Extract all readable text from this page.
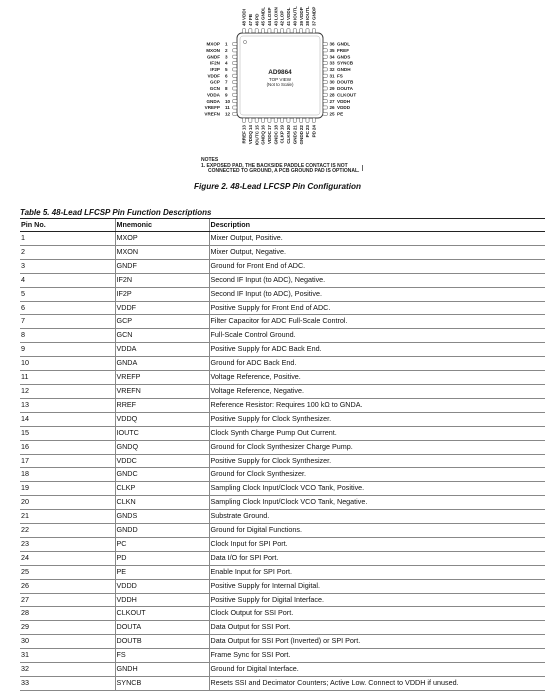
AD9864
TOP VIEW
(Not to Scale)
MXOP 1
MXON 2
GNDF 3
IF2N 4
IF2P 5
VDDF 6
GCP 7
GCN 8
VDDA 9
GNDA 10
VREFP 11
VREFN 12
36 GNDL
35 FREF
34 GNDS
33 SYNCB
32 GNDH
31 FS
30 DOUTB
29 DOUTA
28 CLKOUT
27 VDDH
26 VDDD
25 PE
48
VDDI
47
FB
46
PD
45
GNDL
44
LOXP
43
LOXN
42
LOP
41
VDDL
40
IOUTL
39
VDDP
38
IOUTL
37
GNDP
13
RREF
14
VDDQ
15
IOUTC
16
GNDQ
17
VDDC
18
GNDC
19
CLKP
20
CLKN
21
GNDS
22
GNDD
23
PC
24
PD
NOTES
1. EXPOSED PAD, THE BACKSIDE PADDLE CONTACT IS NOT
CONNECTED TO GROUND, A PCB GROUND PAD IS OPTIONAL.
Figure 2. 48-Lead LFCSP Pin Configuration
Table 5. 48-Lead LFCSP Pin Function Descriptions
Pin No.	Mnemonic	Description
1	MXOP	Mixer Output, Positive.
2	MXON	Mixer Output, Negative.
3	GNDF	Ground for Front End of ADC.
4	IF2N	Second IF Input (to ADC), Negative.
5	IF2P	Second IF Input (to ADC), Positive.
6	VDDF	Positive Supply for Front End of ADC.
7	GCP	Filter Capacitor for ADC Full-Scale Control.
8	GCN	Full-Scale Control Ground.
9	VDDA	Positive Supply for ADC Back End.
10	GNDA	Ground for ADC Back End.
11	VREFP	Voltage Reference, Positive.
12	VREFN	Voltage Reference, Negative.
13	RREF	Reference Resistor: Requires 100 kΩ to GNDA.
14	VDDQ	Positive Supply for Clock Synthesizer.
15	IOUTC	Clock Synth Charge Pump Out Current.
16	GNDQ	Ground for Clock Synthesizer Charge Pump.
17	VDDC	Positive Supply for Clock Synthesizer.
18	GNDC	Ground for Clock Synthesizer.
19	CLKP	Sampling Clock Input/Clock VCO Tank, Positive.
20	CLKN	Sampling Clock Input/Clock VCO Tank, Negative.
21	GNDS	Substrate Ground.
22	GNDD	Ground for Digital Functions.
23	PC	Clock Input for SPI Port.
24	PD	Data I/O for SPI Port.
25	PE	Enable Input for SPI Port.
26	VDDD	Positive Supply for Internal Digital.
27	VDDH	Positive Supply for Digital Interface.
28	CLKOUT	Clock Output for SSI Port.
29	DOUTA	Data Output for SSI Port.
30	DOUTB	Data Output for SSI Port (Inverted) or SPI Port.
31	FS	Frame Sync for SSI Port.
32	GNDH	Ground for Digital Interface.
33	SYNCB	Resets SSI and Decimator Counters; Active Low. Connect to VDDH if unused.
